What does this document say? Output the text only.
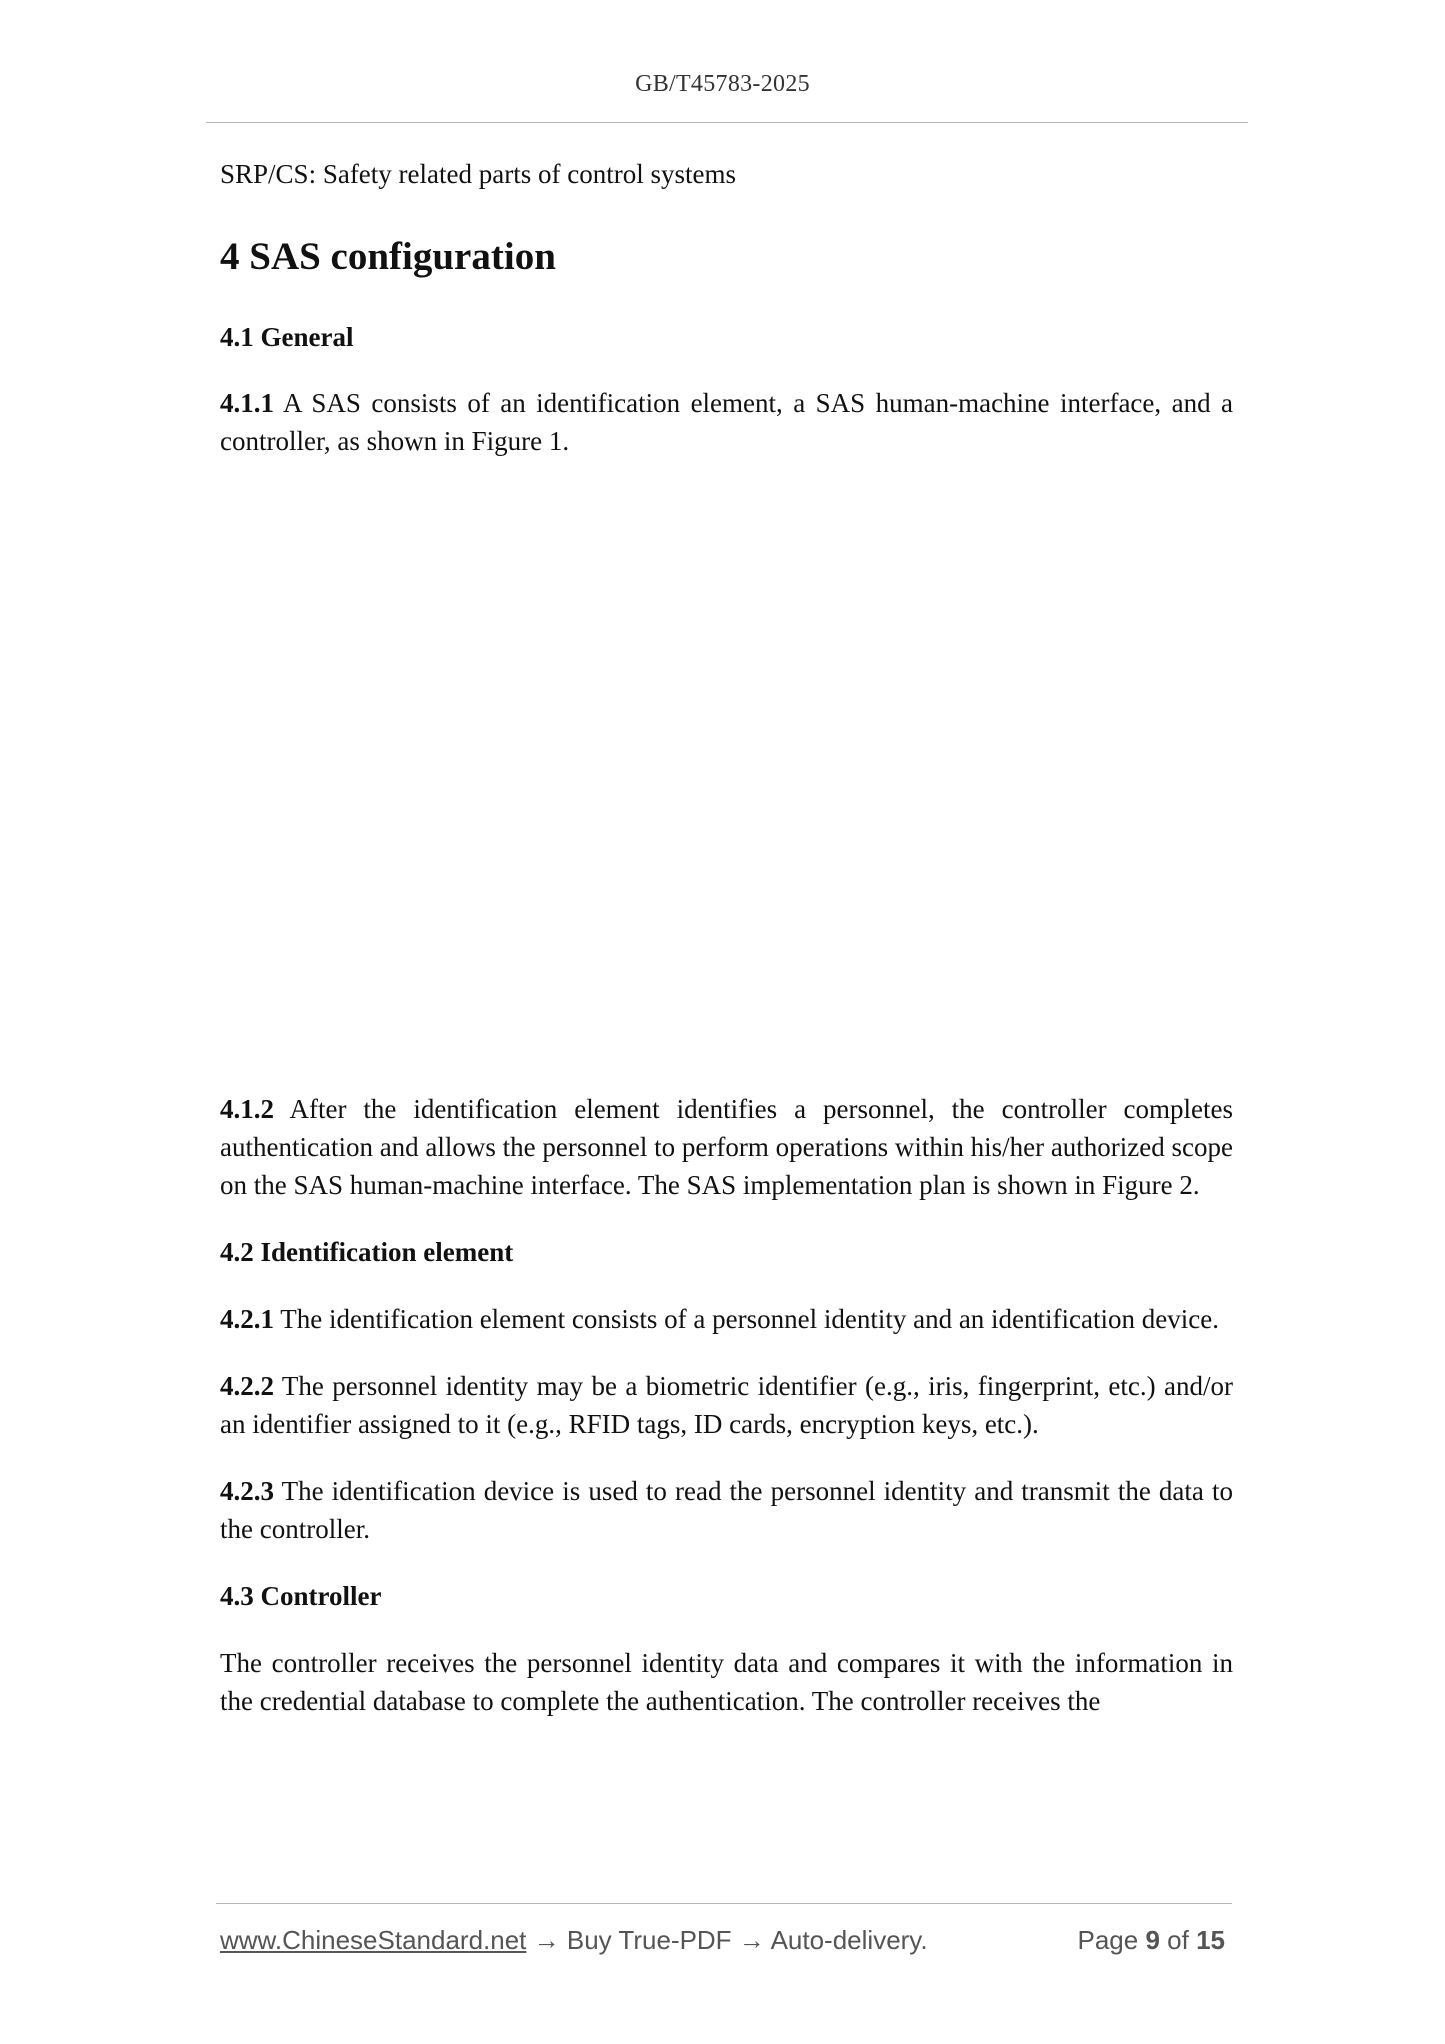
GB/T45783-2025

SRP/CS: Safety related parts of control systems

4 SAS configuration
4.1 General

4.1.1 A SAS consists of an identification element, a SAS human-machine interface, and a controller, as shown in Figure 1.

4.1.2 After the identification element identifies a personnel, the controller completes authentication and allows the personnel to perform operations within his/her authorized scope on the SAS human-machine interface. The SAS implementation plan is shown in Figure 2.

4.2 Identification element

4.2.1 The identification element consists of a personnel identity and an identification device.

4.2.2 The personnel identity may be a biometric identifier (e.g., iris, fingerprint, etc.) and/or an identifier assigned to it (e.g., RFID tags, ID cards, encryption keys, etc.).

4.2.3 The identification device is used to read the personnel identity and transmit the data to the controller.

4.3 Controller

The controller receives the personnel identity data and compares it with the information in the credential database to complete the authentication. The controller receives the

www.ChineseStandard.net → Buy True-PDF → Auto-delivery.	Page 9 of 15
